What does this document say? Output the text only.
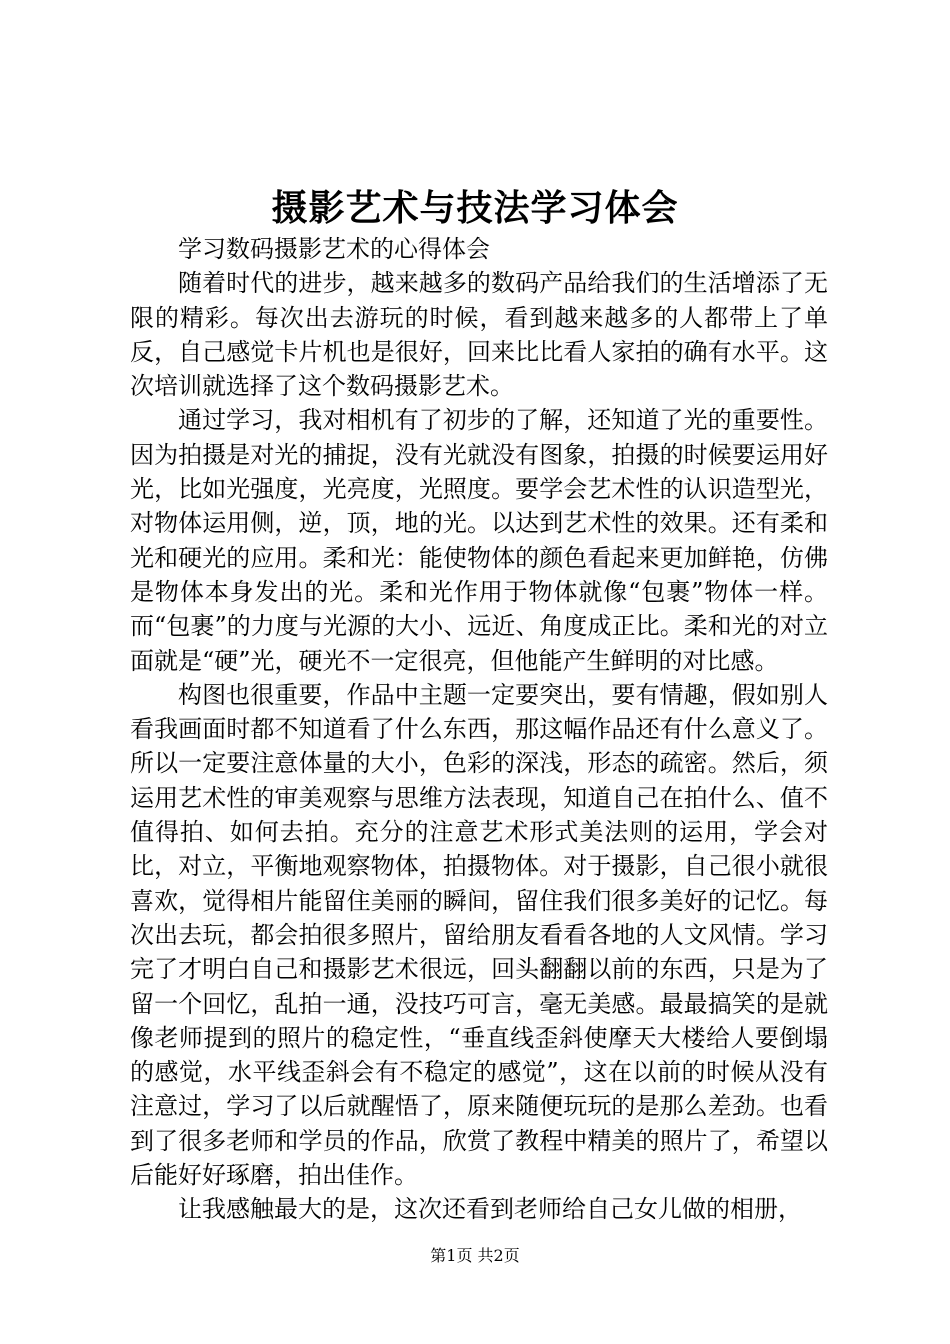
摄影艺术与技法学习体会

学习数码摄影艺术的心得体会

随着时代的进步，越来越多的数码产品给我们的生活增添了无限的精彩。每次出去游玩的时候，看到越来越多的人都带上了单反，自己感觉卡片机也是很好，回来比比看人家拍的确有水平。这次培训就选择了这个数码摄影艺术。

通过学习，我对相机有了初步的了解，还知道了光的重要性。因为拍摄是对光的捕捉，没有光就没有图象，拍摄的时候要运用好光，比如光强度，光亮度，光照度。要学会艺术性的认识造型光，对物体运用侧，逆，顶，地的光。以达到艺术性的效果。还有柔和光和硬光的应用。柔和光：能使物体的颜色看起来更加鲜艳，仿佛是物体本身发出的光。柔和光作用于物体就像“包裹”物体一样。而“包裹”的力度与光源的大小、远近、角度成正比。柔和光的对立面就是“硬”光，硬光不一定很亮，但他能产生鲜明的对比感。

构图也很重要，作品中主题一定要突出，要有情趣，假如别人看我画面时都不知道看了什么东西，那这幅作品还有什么意义了。所以一定要注意体量的大小，色彩的深浅，形态的疏密。然后，须运用艺术性的审美观察与思维方法表现，知道自己在拍什么、值不值得拍、如何去拍。充分的注意艺术形式美法则的运用，学会对比，对立，平衡地观察物体，拍摄物体。对于摄影，自己很小就很喜欢，觉得相片能留住美丽的瞬间，留住我们很多美好的记忆。每次出去玩，都会拍很多照片，留给朋友看看各地的人文风情。学习完了才明白自己和摄影艺术很远，回头翻翻以前的东西，只是为了留一个回忆，乱拍一通，没技巧可言，毫无美感。最最搞笑的是就像老师提到的照片的稳定性，“垂直线歪斜使摩天大楼给人要倒塌的感觉，水平线歪斜会有不稳定的感觉”，这在以前的时候从没有注意过，学习了以后就醒悟了，原来随便玩玩的是那么差劲。也看到了很多老师和学员的作品，欣赏了教程中精美的照片了，希望以后能好好琢磨，拍出佳作。

让我感触最大的是，这次还看到老师给自己女儿做的相册，

第1页 共2页
